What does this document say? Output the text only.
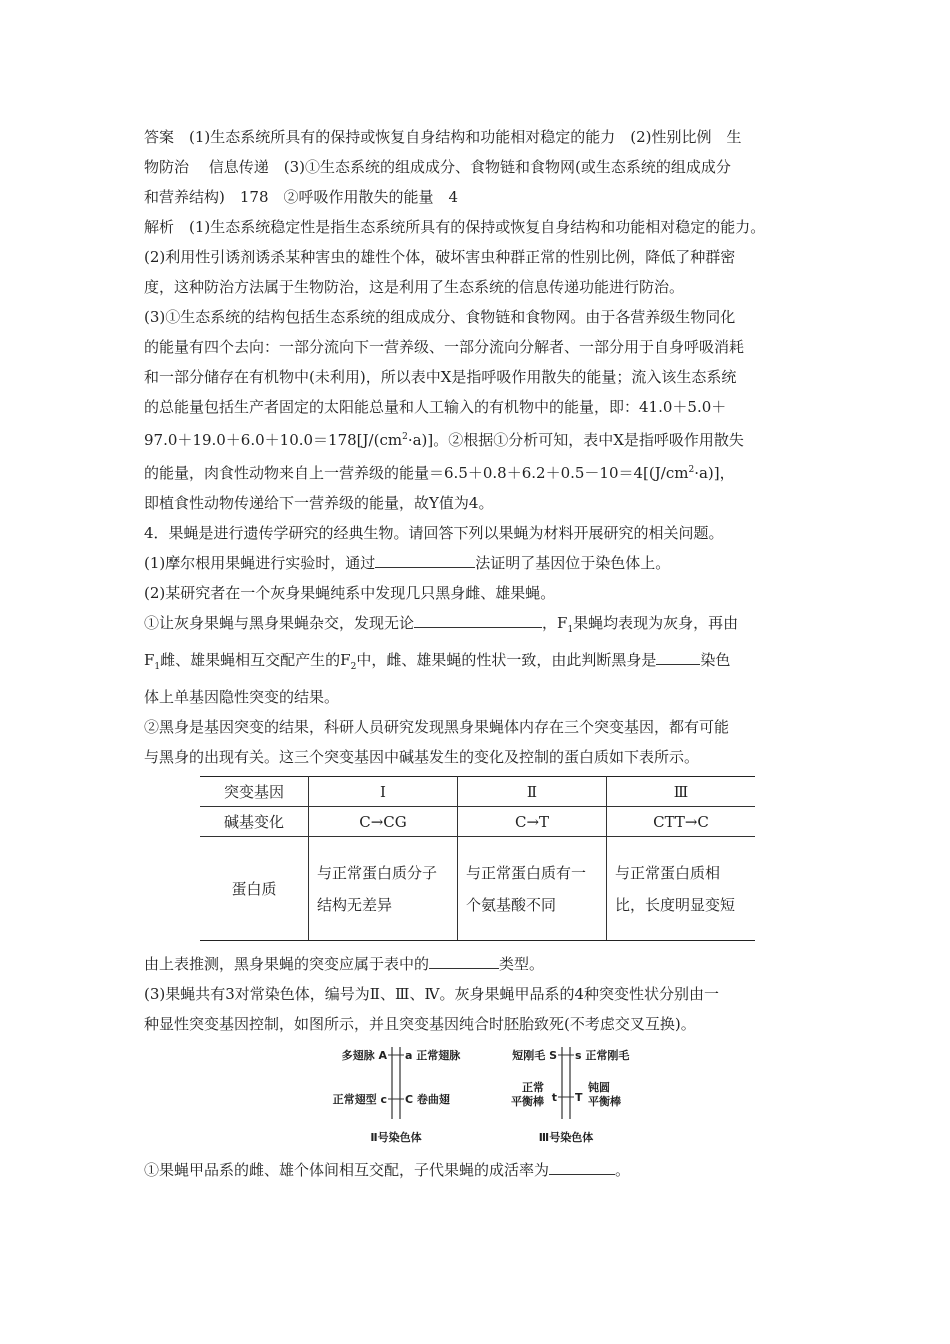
答案　 (1)生态系统所具有的保持或恢复自身结构和功能相对稳定的能力　(2)性别比例　生
物防治　 信息传递　(3)①生态系统的组成成分、食物链和食物网(或生态系统的组成成分
和营养结构)　178　②呼吸作用散失的能量　4
解析　 (1)生态系统稳定性是指生态系统所具有的保持或恢复自身结构和功能相对稳定的能力。
(2)利用性引诱剂诱杀某种害虫的雄性个体，破坏害虫种群正常的性别比例，降低了种群密
度，这种防治方法属于生物防治，这是利用了生态系统的信息传递功能进行防治。
(3)①生态系统的结构包括生态系统的组成成分、食物链和食物网。由于各营养级生物同化
的能量有四个去向：一部分流向下一营养级、一部分流向分解者、一部分用于自身呼吸消耗
和一部分储存在有机物中(未利用)，所以表中X是指呼吸作用散失的能量；流入该生态系统
的总能量包括生产者固定的太阳能总量和人工输入的有机物中的能量，即：41.0＋5.0＋
$97.0+19.0+6.0+10.0=178[J/(cm^2\cdot a)]$。②根据①分析可知，表中X是指呼吸作用散失
的能量，肉食性动物来自上一营养级的能量$=6.5+0.8+6.2+0.5-10=4[(J/cm^2\cdot a)]$，
即植食性动物传递给下一营养级的能量，故Y值为4。
4．果蝇是进行遗传学研究的经典生物。请回答下列以果蝇为材料开展研究的相关问题。
(1)摩尔根用果蝇进行实验时，通过	法证明了基因位于染色体上。
(2)某研究者在一个灰身果蝇纯系中发现几只黑身雌、雄果蝇。
①让灰身果蝇与黑身果蝇杂交，发现无论	，$F_1$果蝇均表现为灰身，再由
$F_1$雌、雄果蝇相互交配产生的$F_2$中，雌、雄果蝇的性状一致，由此判断黑身是	染色
体上单基因隐性突变的结果。
②黑身是基因突变的结果，科研人员研究发现黑身果蝇体内存在三个突变基因，都有可能
与黑身的出现有关。这三个突变基因中碱基发生的变化及控制的蛋白质如下表所示。
突变基因	Ⅰ	Ⅱ	Ⅲ
碱基变化	C→CG	C→T	CTT→C
蛋白质	与正常蛋白质分子结构无差异	与正常蛋白质有一个氨基酸不同	与正常蛋白质相比，长度明显变短
由上表推测，黑身果蝇的突变应属于表中的	类型。
(3)果蝇共有3对常染色体，编号为Ⅱ、Ⅲ、Ⅳ。灰身果蝇甲品系的4种突变性状分别由一
种显性突变基因控制，如图所示，并且突变基因纯合时胚胎致死(不考虑交叉互换)。
多翅脉 A a 正常翅脉
正常翅型 c C 卷曲翅
Ⅱ号染色体
短刚毛 S s 正常刚毛
正常
平衡棒 t T
钝圆
平衡棒
Ⅲ号染色体
①果蝇甲品系的雌、雄个体间相互交配，子代果蝇的成活率为	。
